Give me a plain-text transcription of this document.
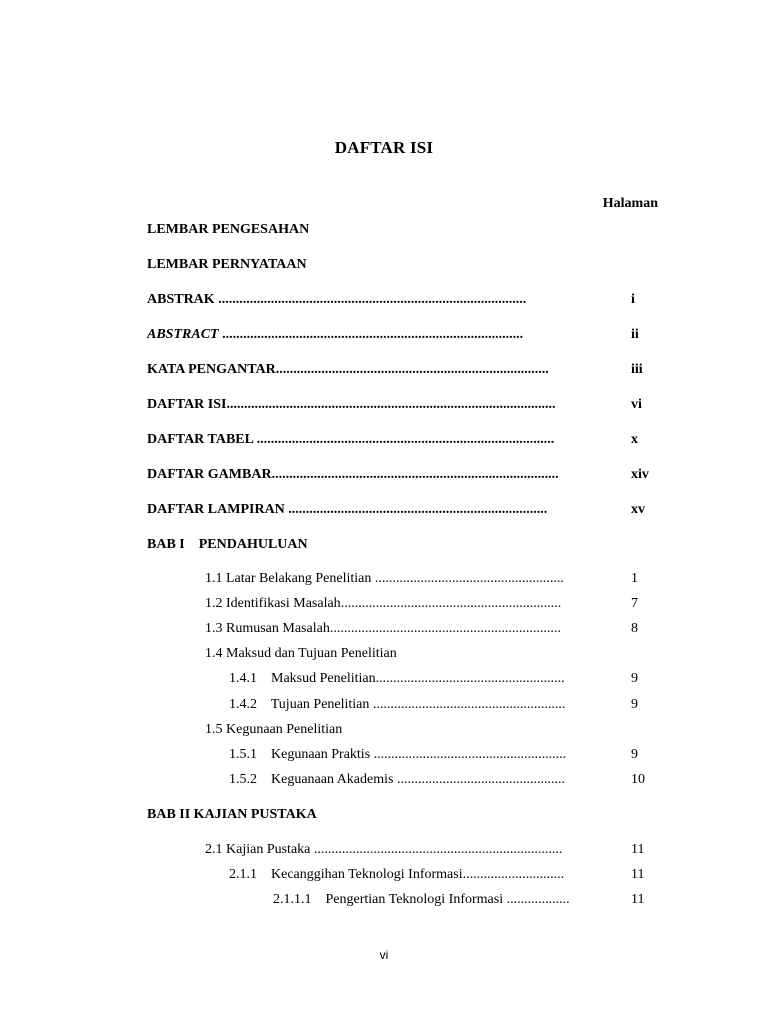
DAFTAR ISI
Halaman
LEMBAR PENGESAHAN
LEMBAR PERNYATAAN
ABSTRAK ........................................................................................	i
ABSTRACT ......................................................................................	ii
KATA PENGANTAR..............................................................................	iii
DAFTAR ISI..............................................................................................	vi
DAFTAR TABEL .....................................................................................	x
DAFTAR GAMBAR..................................................................................	xiv
DAFTAR LAMPIRAN ..........................................................................	xv
BAB I    PENDAHULUAN
1.1 Latar Belakang Penelitian ......................................................	1
1.2 Identifikasi Masalah...............................................................	7
1.3 Rumusan Masalah..................................................................	8
1.4 Maksud dan Tujuan Penelitian
1.4.1    Maksud Penelitian......................................................	9
1.4.2    Tujuan Penelitian .......................................................	9
1.5 Kegunaan Penelitian
1.5.1    Kegunaan Praktis .......................................................	9
1.5.2    Keguanaan Akademis ................................................	10
BAB II KAJIAN PUSTAKA
2.1 Kajian Pustaka .......................................................................	11
2.1.1    Kecanggihan Teknologi Informasi.............................	11
2.1.1.1    Pengertian Teknologi Informasi ..................	11
vi
